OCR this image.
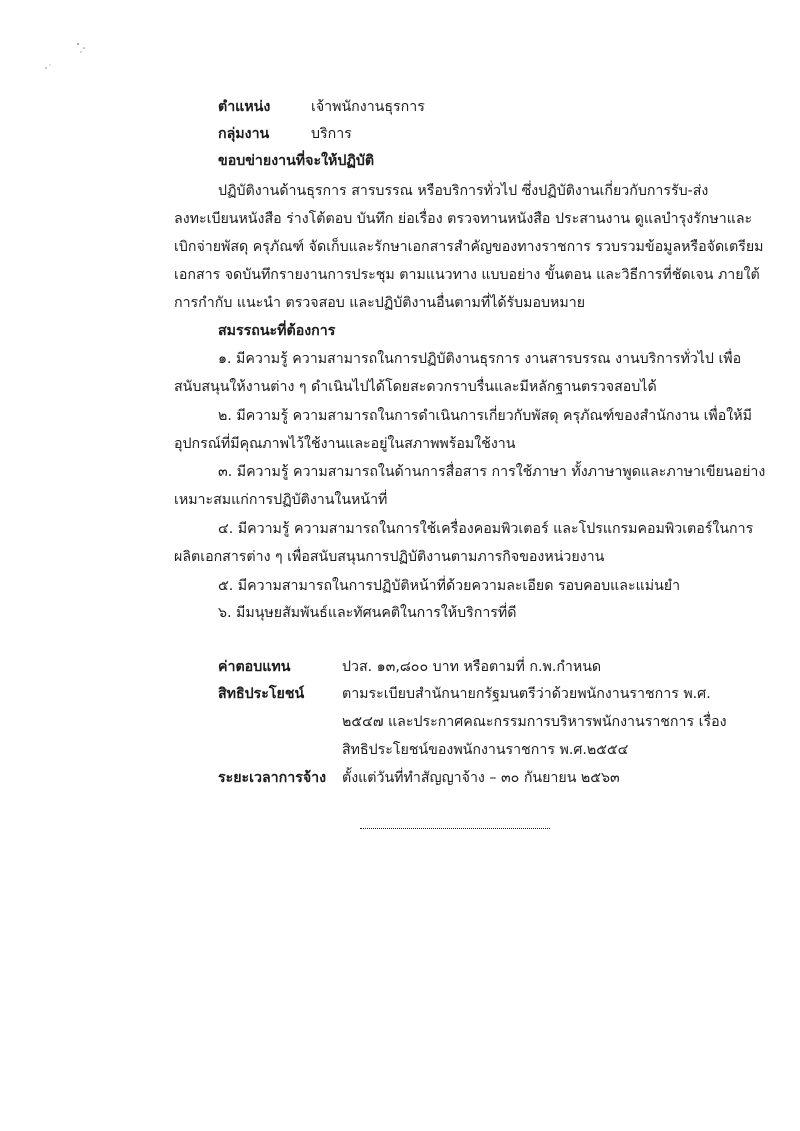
ตำแหน่ง	เจ้าพนักงานธุรการ
กลุ่มงาน	บริการ
ขอบข่ายงานที่จะให้ปฏิบัติ
ปฏิบัติงานด้านธุรการ สารบรรณ หรือบริการทั่วไป ซึ่งปฏิบัติงานเกี่ยวกับการรับ-ส่ง
ลงทะเบียนหนังสือ ร่างโต้ตอบ บันทึก ย่อเรื่อง ตรวจทานหนังสือ ประสานงาน ดูแลบำรุงรักษาและ
เบิกจ่ายพัสดุ ครุภัณฑ์ จัดเก็บและรักษาเอกสารสำคัญของทางราชการ รวบรวมข้อมูลหรือจัดเตรียม
เอกสาร จดบันทึกรายงานการประชุม ตามแนวทาง แบบอย่าง ขั้นตอน และวิธีการที่ชัดเจน ภายใต้
การกำกับ แนะนำ ตรวจสอบ และปฏิบัติงานอื่นตามที่ได้รับมอบหมาย
สมรรถนะที่ต้องการ
๑. มีความรู้ ความสามารถในการปฏิบัติงานธุรการ งานสารบรรณ งานบริการทั่วไป เพื่อ
สนับสนุนให้งานต่าง ๆ ดำเนินไปได้โดยสะดวกราบรื่นและมีหลักฐานตรวจสอบได้
๒. มีความรู้ ความสามารถในการดำเนินการเกี่ยวกับพัสดุ ครุภัณฑ์ของสำนักงาน เพื่อให้มี
อุปกรณ์ที่มีคุณภาพไว้ใช้งานและอยู่ในสภาพพร้อมใช้งาน
๓. มีความรู้ ความสามารถในด้านการสื่อสาร การใช้ภาษา ทั้งภาษาพูดและภาษาเขียนอย่าง
เหมาะสมแก่การปฏิบัติงานในหน้าที่
๔. มีความรู้ ความสามารถในการใช้เครื่องคอมพิวเตอร์ และโปรแกรมคอมพิวเตอร์ในการ
ผลิตเอกสารต่าง ๆ เพื่อสนับสนุนการปฏิบัติงานตามภารกิจของหน่วยงาน
๕. มีความสามารถในการปฏิบัติหน้าที่ด้วยความละเอียด รอบคอบและแม่นยำ
๖. มีมนุษยสัมพันธ์และทัศนคติในการให้บริการที่ดี
ค่าตอบแทน	ปวส. ๑๓,๘๐๐ บาท หรือตามที่ ก.พ.กำหนด
สิทธิประโยชน์	ตามระเบียบสำนักนายกรัฐมนตรีว่าด้วยพนักงานราชการ พ.ศ.
๒๕๔๗ และประกาศคณะกรรมการบริหารพนักงานราชการ เรื่อง
สิทธิประโยชน์ของพนักงานราชการ พ.ศ.๒๕๕๔
ระยะเวลาการจ้าง ตั้งแต่วันที่ทำสัญญาจ้าง – ๓๐ กันยายน ๒๕๖๓
